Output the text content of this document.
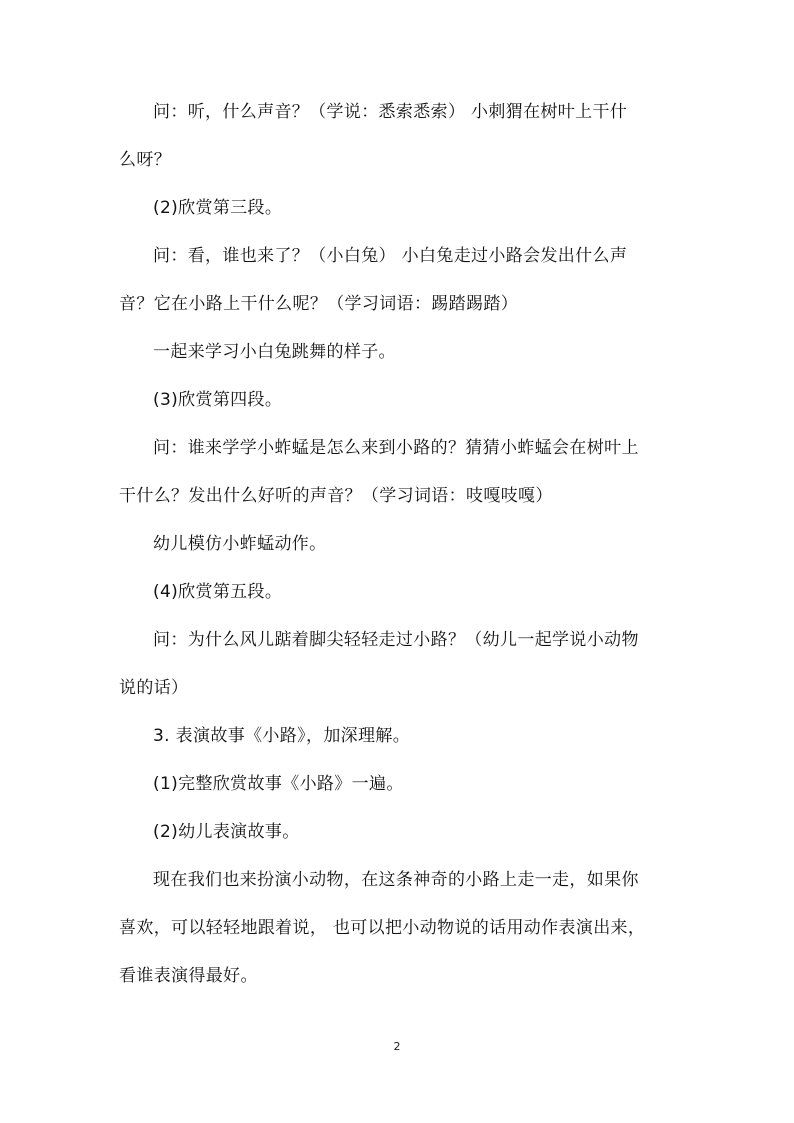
问：听，什么声音？（学说：悉索悉索） 小刺猬在树叶上干什
么呀？

(2)欣赏第三段。

问：看，谁也来了？（小白兔） 小白兔走过小路会发出什么声
音？它在小路上干什么呢？（学习词语：踢踏踢踏）

一起来学习小白兔跳舞的样子。

(3)欣赏第四段。

问：谁来学学小蚱蜢是怎么来到小路的？猜猜小蚱蜢会在树叶上
干什么？发出什么好听的声音？（学习词语：吱嘎吱嘎）

幼儿模仿小蚱蜢动作。

(4)欣赏第五段。

问：为什么风儿踮着脚尖轻轻走过小路？（幼儿一起学说小动物
说的话）

3. 表演故事《小路》，加深理解。

(1)完整欣赏故事《小路》一遍。

(2)幼儿表演故事。

现在我们也来扮演小动物，在这条神奇的小路上走一走，如果你
喜欢，可以轻轻地跟着说， 也可以把小动物说的话用动作表演出来，
看谁表演得最好。

2
